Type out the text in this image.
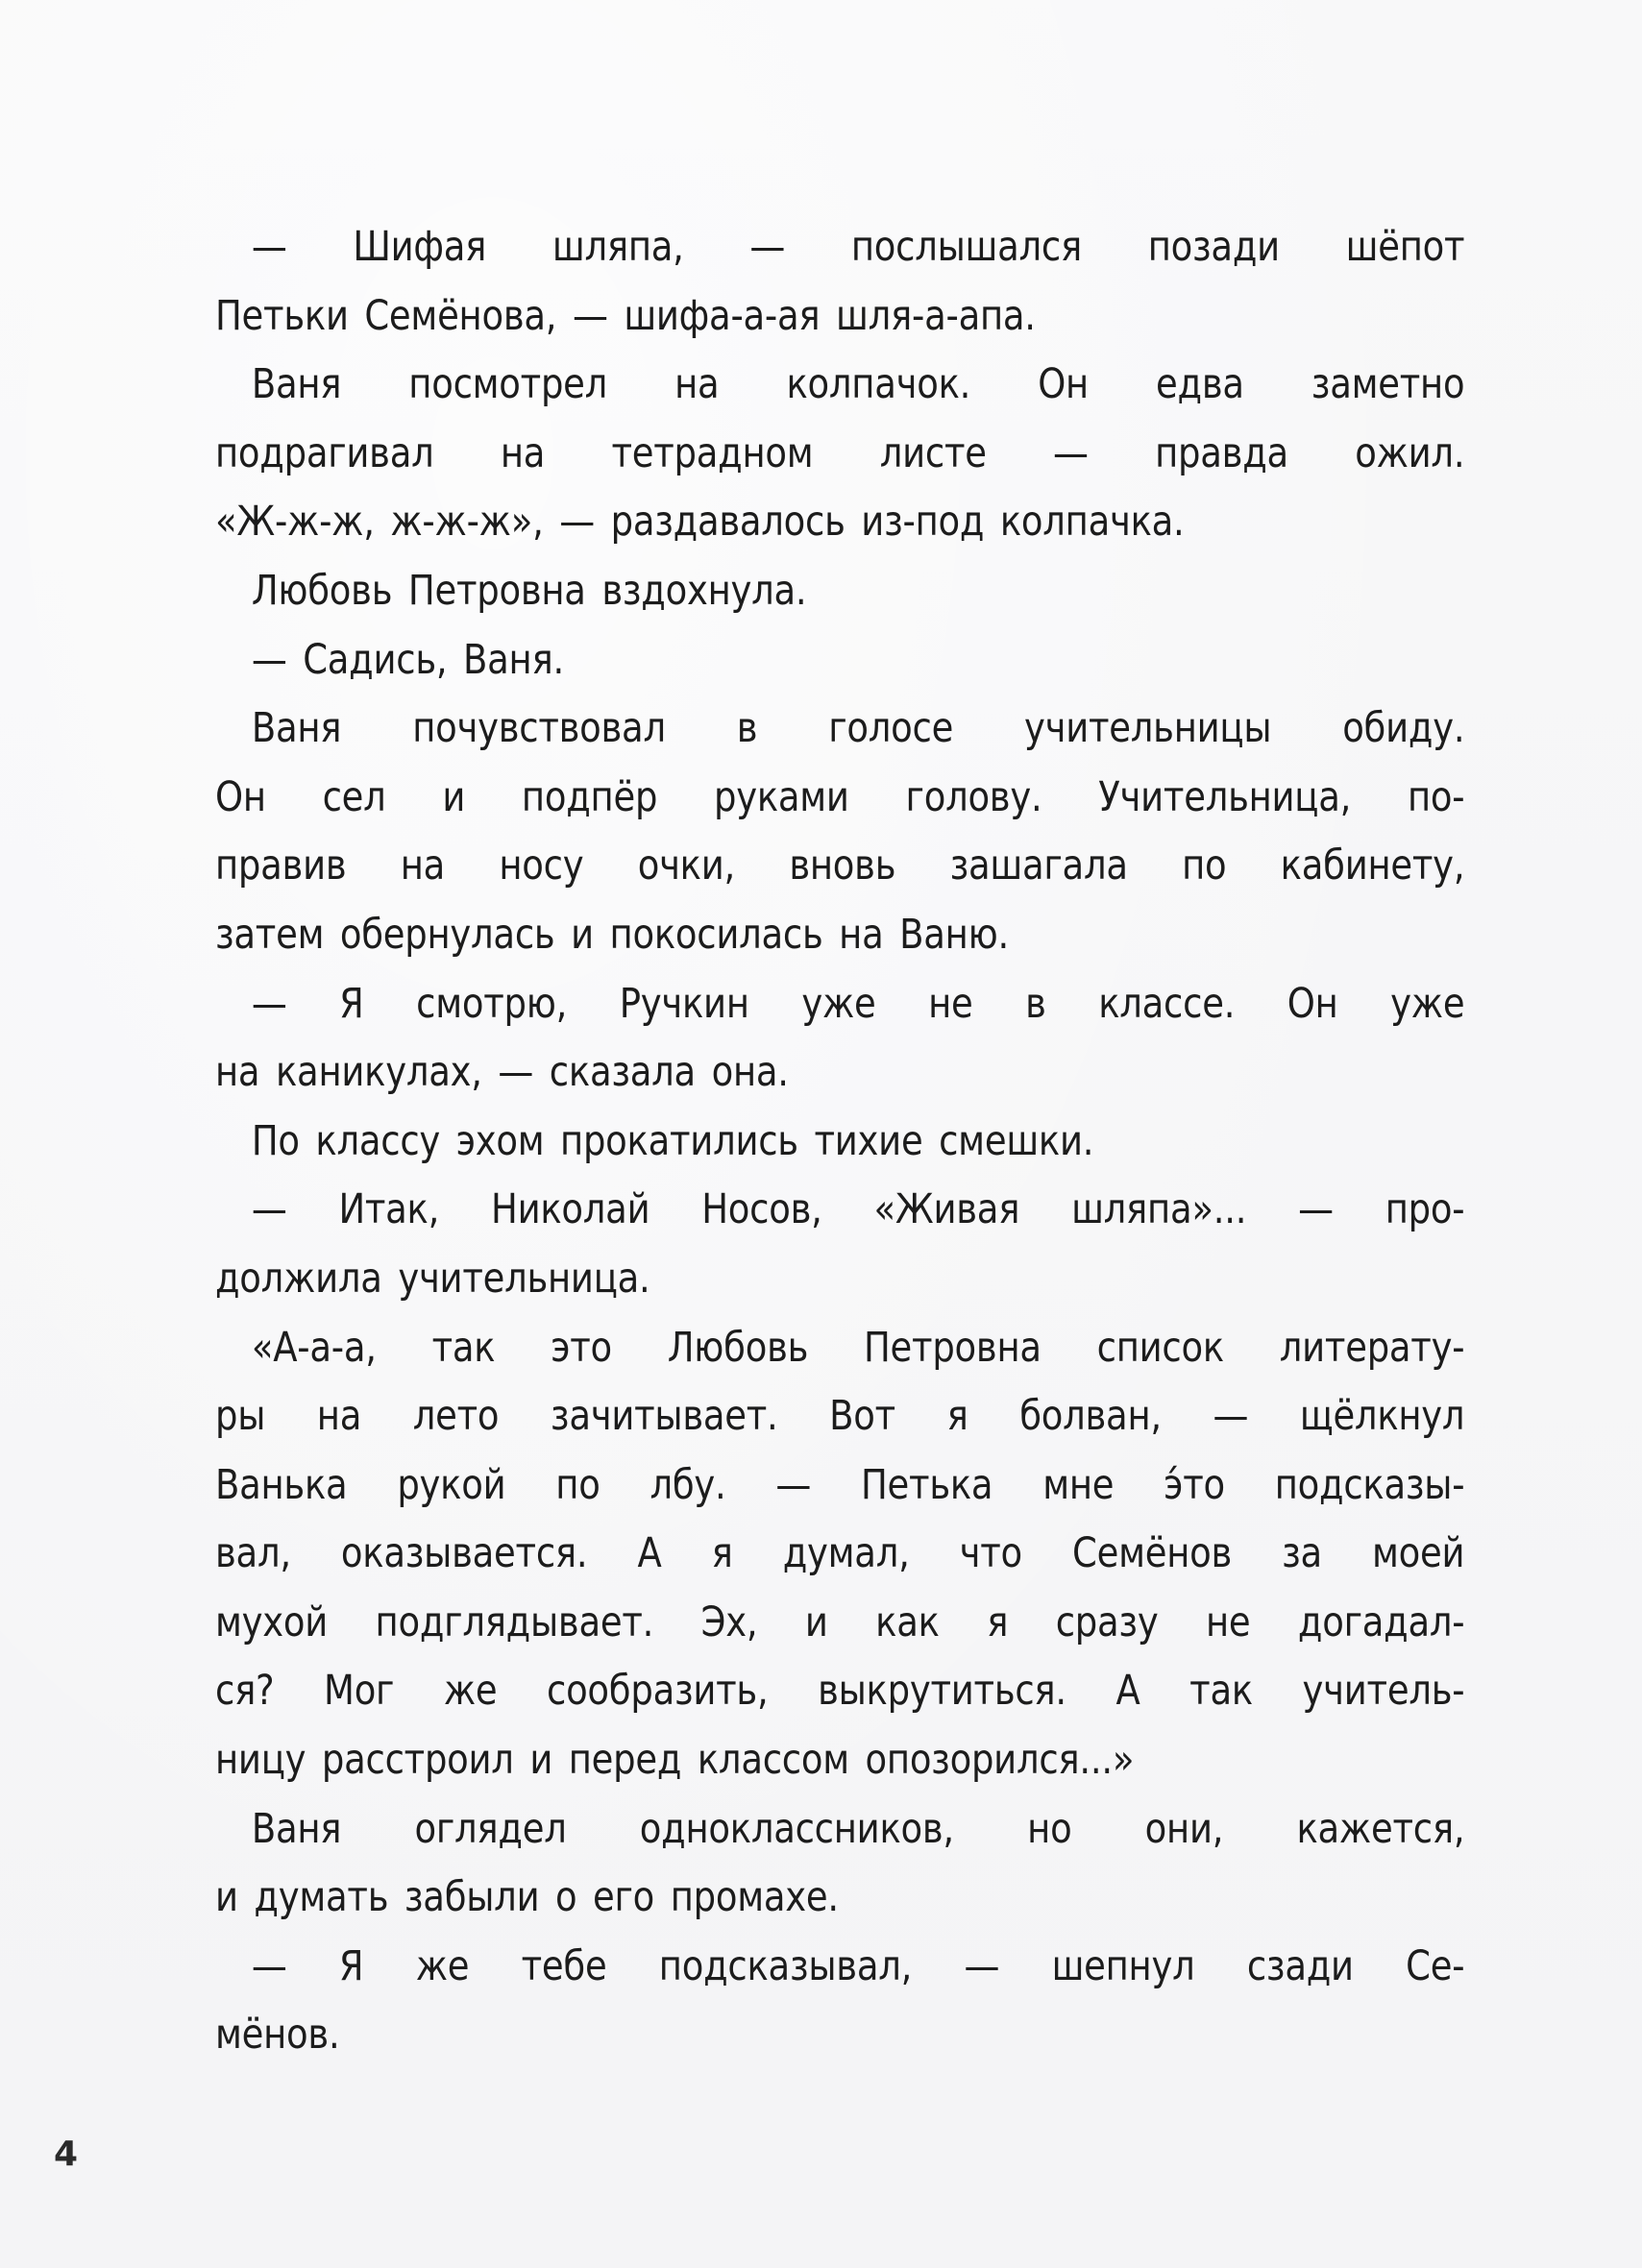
— Шифая шляпа, — послышался позади шёпот
Петьки Семёнова, — шифа-а-ая шля-а-апа.
Ваня посмотрел на колпачок. Он едва заметно
подрагивал на тетрадном листе — правда ожил.
«Ж-ж-ж, ж-ж-ж», — раздавалось из-под колпачка.
Любовь Петровна вздохнула.
— Садись, Ваня.
Ваня почувствовал в голосе учительницы обиду.
Он сел и подпёр руками голову. Учительница, по-
правив на носу очки, вновь зашагала по кабинету,
затем обернулась и покосилась на Ваню.
— Я смотрю, Ручкин уже не в классе. Он уже
на каникулах, — сказала она.
По классу эхом прокатились тихие смешки.
— Итак, Николай Носов, «Живая шляпа»... — про-
должила учительница.
«А-а-а, так это Любовь Петровна список литерату-
ры на лето зачитывает. Вот я болван, — щёлкнул
Ванька рукой по лбу. — Петька мне э́то подсказы-
вал, оказывается. А я думал, что Семёнов за моей
мухой подглядывает. Эх, и как я сразу не догадал-
ся? Мог же сообразить, выкрутиться. А так учитель-
ницу расстроил и перед классом опозорился...»
Ваня оглядел одноклассников, но они, кажется,
и думать забыли о его промахе.
— Я же тебе подсказывал, — шепнул сзади Се-
мёнов.
4
